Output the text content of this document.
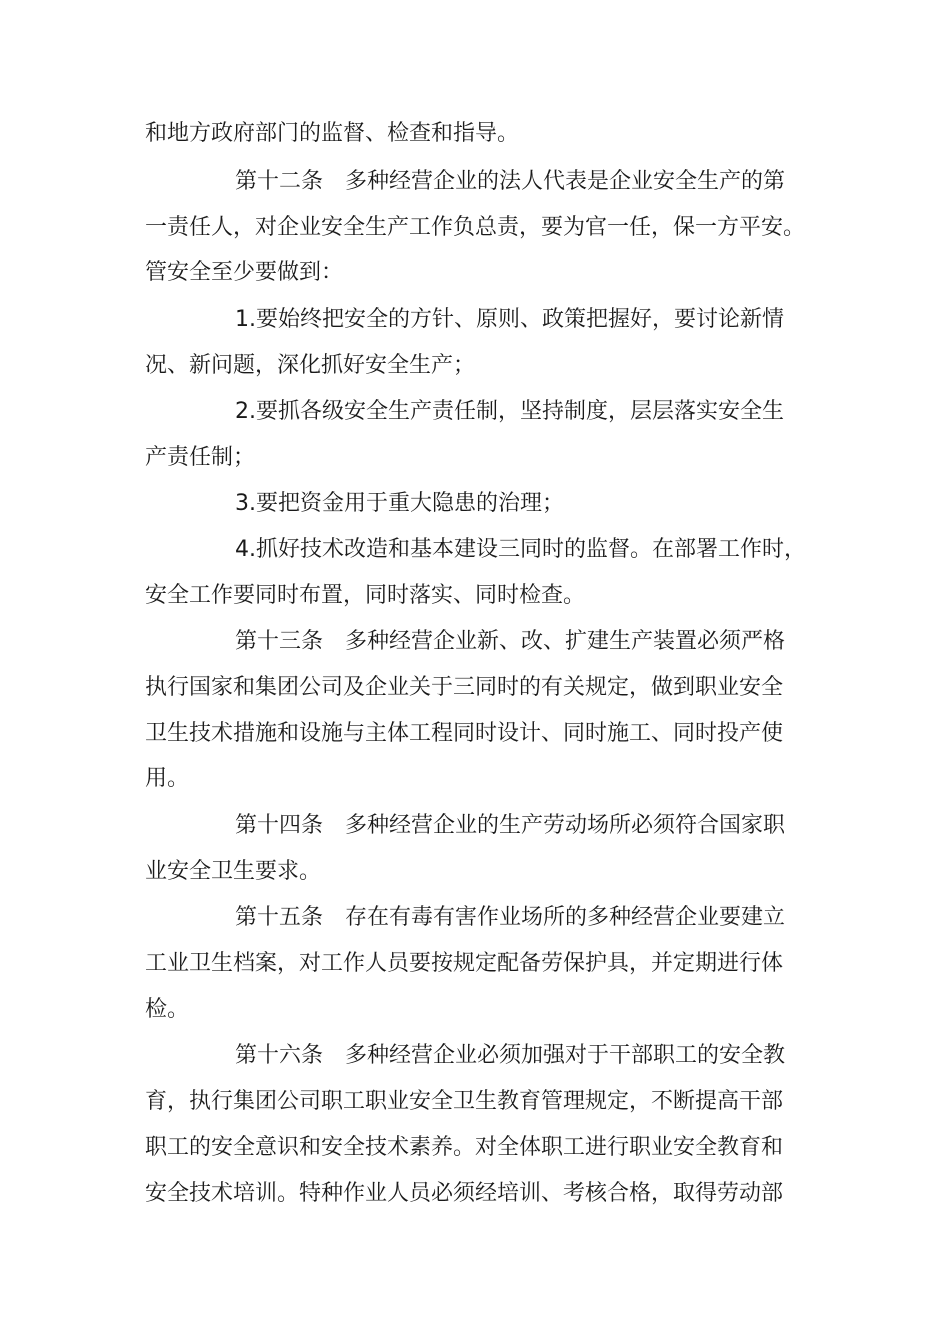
和地方政府部门的监督、检查和指导。
第十二条　多种经营企业的法人代表是企业安全生产的第
一责任人，对企业安全生产工作负总责，要为官一任，保一方平安。
管安全至少要做到：
1.要始终把安全的方针、原则、政策把握好，要讨论新情
况、新问题，深化抓好安全生产；
2.要抓各级安全生产责任制，坚持制度，层层落实安全生
产责任制；
3.要把资金用于重大隐患的治理；
4.抓好技术改造和基本建设三同时的监督。在部署工作时，
安全工作要同时布置，同时落实、同时检查。
第十三条　多种经营企业新、改、扩建生产装置必须严格
执行国家和集团公司及企业关于三同时的有关规定，做到职业安全
卫生技术措施和设施与主体工程同时设计、同时施工、同时投产使
用。
第十四条　多种经营企业的生产劳动场所必须符合国家职
业安全卫生要求。
第十五条　存在有毒有害作业场所的多种经营企业要建立
工业卫生档案，对工作人员要按规定配备劳保护具，并定期进行体
检。
第十六条　多种经营企业必须加强对于干部职工的安全教
育，执行集团公司职工职业安全卫生教育管理规定，不断提高干部
职工的安全意识和安全技术素养。对全体职工进行职业安全教育和
安全技术培训。特种作业人员必须经培训、考核合格，取得劳动部
